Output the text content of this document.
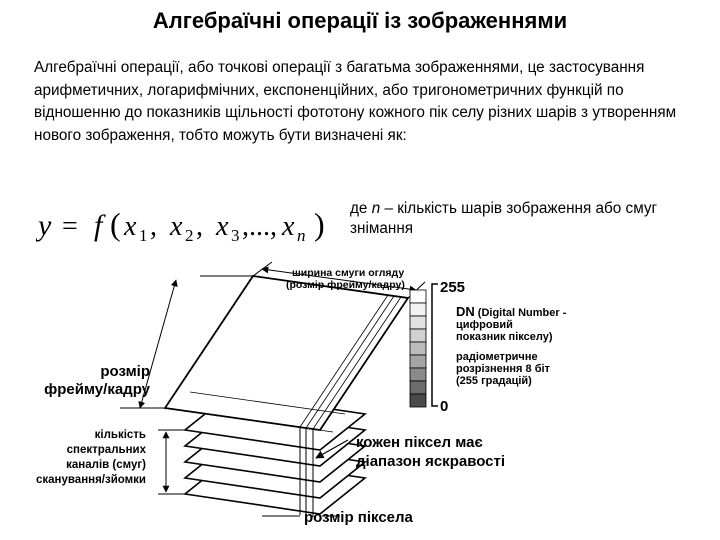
Алгебраїчні операції із зображеннями
Алгебраїчні операції, або точкові операції з багатьма зображеннями, це застосування арифметичних, логарифмічних, експоненційних, або тригонометричних функцій по відношенню до показників щільності фототону кожного пік селу різних шарів з утворенням нового зображення, тобто можуть бути визначені як:
y = f ( x x x x
1 2 3	n
, , ,..., ) де n – кількість шарів зображення або смуг знімання
ширина смуги огляду
(розмір фрейму/кадру)
розмір
фрейму/кадру
кількість
спектральних
каналів (смуг)
сканування/зйомки
255
0
DN (Digital Number -
цифровий
показник пікселу)
радіометричне
розрізнення 8 біт
(255 градацій)
кожен піксел має
діапазон яскравості
розмір піксела
